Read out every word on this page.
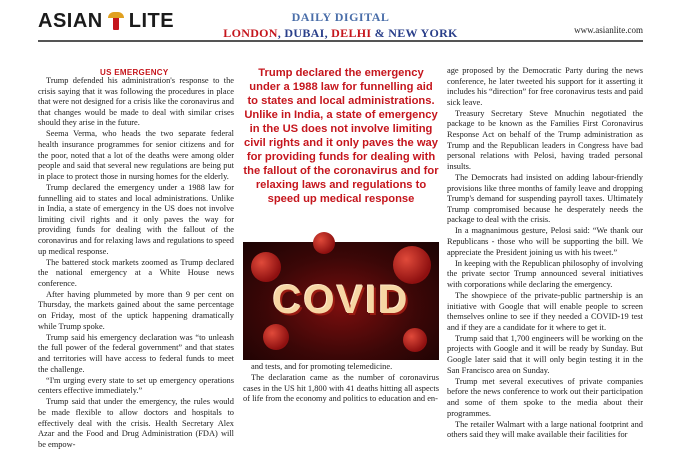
ASIAN LITE	DAILY DIGITAL
LONDON, DUBAI, DELHI & NEW YORK	www.asianlite.com
US EMERGENCY

Trump defended his administration's response to the crisis saying that it was following the procedures in place that were not designed for a crisis like the coronavirus and that changes would be made to deal with similar crises should they arise in the future.

Seema Verma, who heads the two separate federal health insurance programmes for senior citizens and for the poor, noted that a lot of the deaths were among older people and said that several new regulations are being put in place to protect those in nursing homes for the elderly.

Trump declared the emergency under a 1988 law for funnelling aid to states and local administrations. Unlike in India, a state of emergency in the US does not involve limiting civil rights and it only paves the way for providing funds for dealing with the fallout of the coronavirus and for relaxing laws and regulations to speed up medical response.

The battered stock markets zoomed as Trump declared the national emergency at a White House news conference.

After having plummeted by more than 9 per cent on Thursday, the markets gained about the same percentage on Friday, most of the uptick happening dramatically while Trump spoke.

Trump said his emergency declaration was “to unleash the full power of the federal government” and that states and territories will have access to federal funds to meet the challenge.

“I'm urging every state to set up emergency operations centers effective immediately.”

Trump said that under the emergency, the rules would be made flexible to allow doctors and hospitals to effectively deal with the crisis. Health Secretary Alex Azar and the Food and Drug Administration (FDA) will be empow-

Trump declared the emergency under a 1988 law for funnelling aid to states and local administrations. Unlike in India, a state of emergency in the US does not involve limiting civil rights and it only paves the way for providing funds for dealing with the fallout of the coronavirus and for relaxing laws and regulations to speed up medical response
COVID

and tests, and for promoting telemedicine.

The declaration came as the number of coronavirus cases in the US hit 1,800 with 41 deaths hitting all aspects of life from the economy and politics to education and en-

age proposed by the Democratic Party during the news conference, he later tweeted his support for it asserting it includes his “direction” for free coronavirus tests and paid sick leave.

Treasury Secretary Steve Mnuchin negotiated the package to be known as the Families First Coronavirus Response Act on behalf of the Trump administration as Trump and the Republican leaders in Congress have bad personal relations with Pelosi, having traded personal insults.

The Democrats had insisted on adding labour-friendly provisions like three months of family leave and dropping Trump's demand for suspending payroll taxes. Ultimately Trump compromised because he desperately needs the package to deal with the crisis.

In a magnanimous gesture, Pelosi said: “We thank our Republicans - those who will be supporting the bill. We appreciate the President joining us with his tweet.”

In keeping with the Republican philosophy of involving the private sector Trump announced several initiatives with corporations while declaring the emergency.

The showpiece of the private-public partnership is an initiative with Google that will enable people to screen themselves online to see if they needed a COVID-19 test and if they are a candidate for it where to get it.

Trump said that 1,700 engineers will be working on the projects with Google and it will be ready by Sunday. But Google later said that it will only begin testing it in the San Francisco area on Sunday.

Trump met several executives of private companies before the news conference to work out their participation and some of them spoke to the media about their programmes.

The retailer Walmart with a large national footprint and others said they will make available their facilities for
